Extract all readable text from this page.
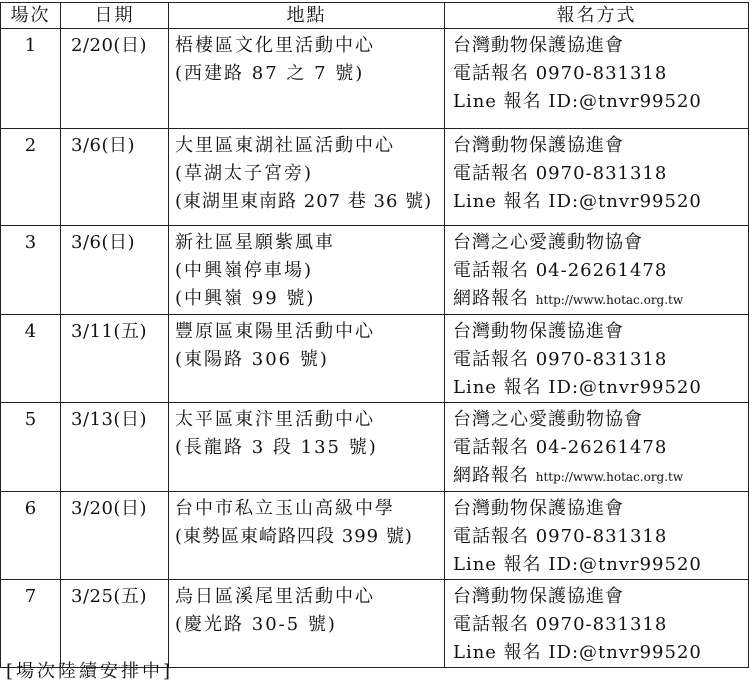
場次	日期	地點	報名方式
1	2/20(日)	梧棲區文化里活動中心
(西建路 87 之 7 號)	台灣動物保護協進會
電話報名 0970-831318
Line 報名 ID:@tnvr99520

2	3/6(日)	大里區東湖社區活動中心
(草湖太子宮旁)
(東湖里東南路 207 巷 36 號)	台灣動物保護協進會
電話報名 0970-831318
Line 報名 ID:@tnvr99520

3	3/6(日)	新社區星願紫風車
(中興嶺停車場)
(中興嶺 99 號)	台灣之心愛護動物協會
電話報名 04-26261478
網路報名 http://www.hotac.org.tw

4	3/11(五)	豐原區東陽里活動中心
(東陽路 306 號)	台灣動物保護協進會
電話報名 0970-831318
Line 報名 ID:@tnvr99520

5	3/13(日)	太平區東汴里活動中心
(長龍路 3 段 135 號)	台灣之心愛護動物協會
電話報名 04-26261478
網路報名 http://www.hotac.org.tw

6	3/20(日)	台中市私立玉山高級中學
(東勢區東崎路四段 399 號)	台灣動物保護協進會
電話報名 0970-831318
Line 報名 ID:@tnvr99520

7	3/25(五)	烏日區溪尾里活動中心
(慶光路 30-5 號)	台灣動物保護協進會
電話報名 0970-831318
Line 報名 ID:@tnvr99520
[場次陸續安排中]
